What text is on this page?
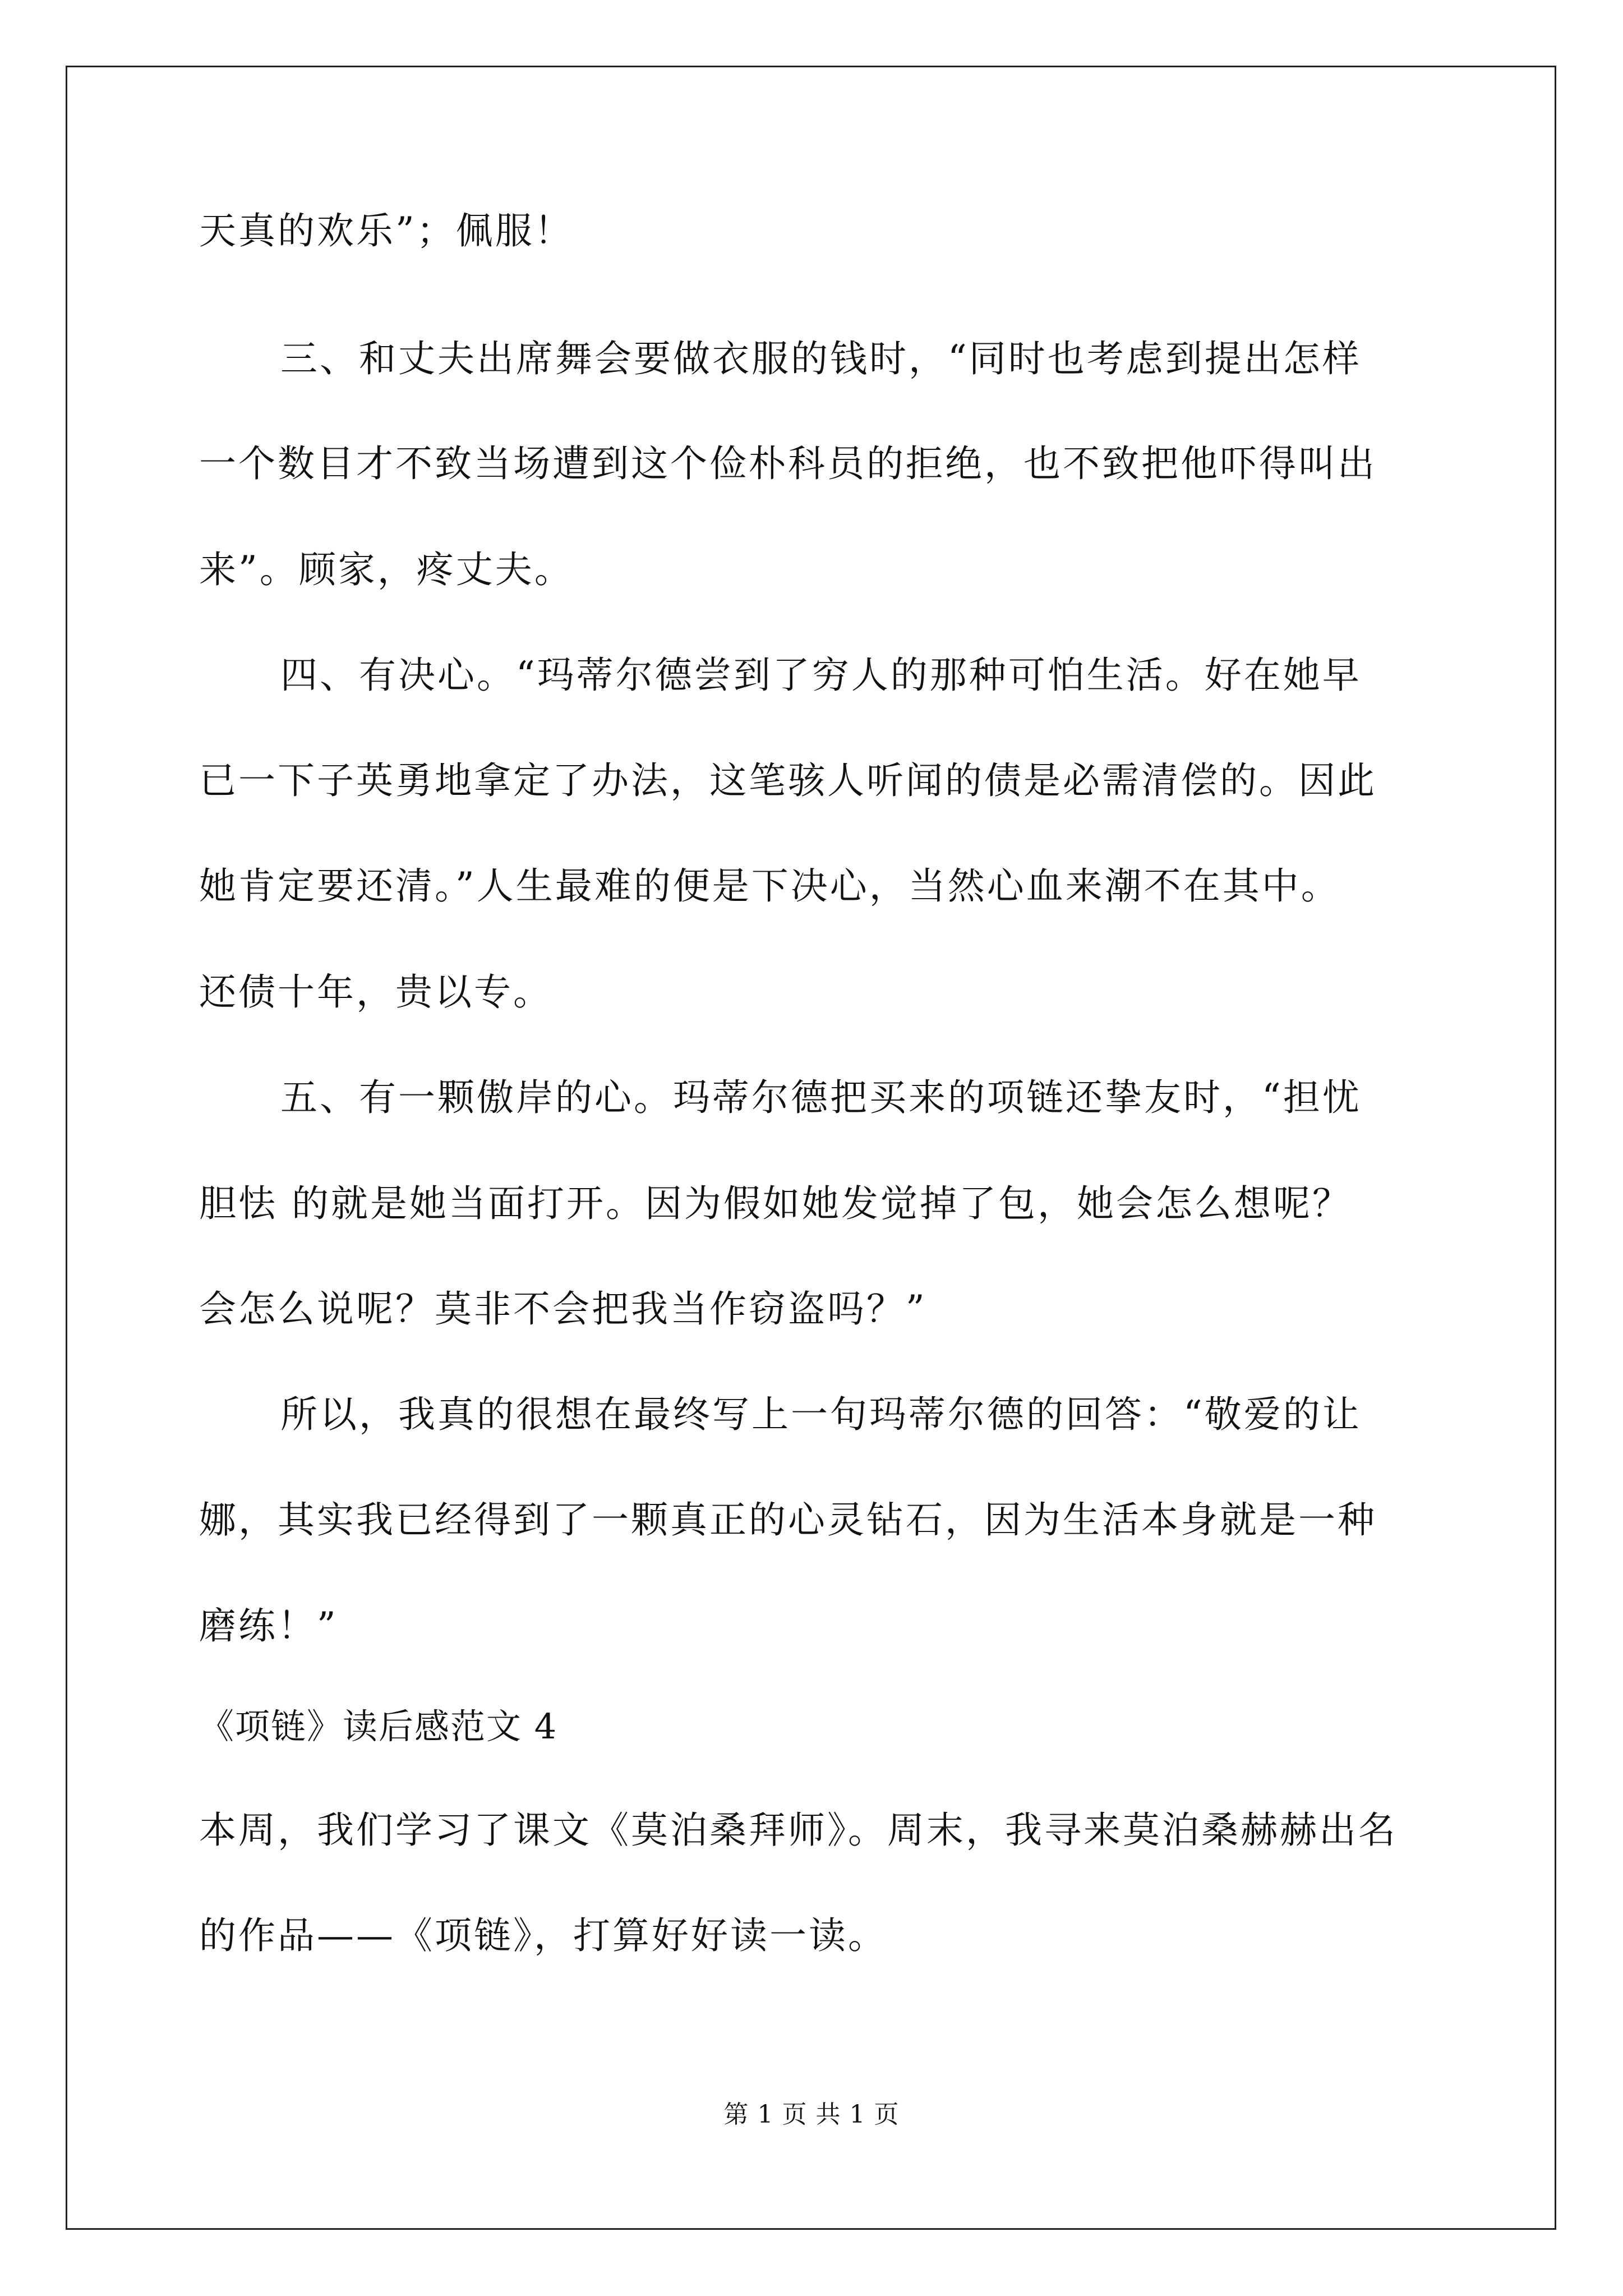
天真的欢乐”；佩服！
三、和丈夫出席舞会要做衣服的钱时，“同时也考虑到提出怎样
一个数目才不致当场遭到这个俭朴科员的拒绝，也不致把他吓得叫出
来”。顾家，疼丈夫。
四、有决心。“玛蒂尔德尝到了穷人的那种可怕生活。好在她早
已一下子英勇地拿定了办法，这笔骇人听闻的债是必需清偿的。因此
她肯定要还清。”人生最难的便是下决心，当然心血来潮不在其中。
还债十年，贵以专。
五、有一颗傲岸的心。玛蒂尔德把买来的项链还挚友时，“担忧
胆怯 的就是她当面打开。因为假如她发觉掉了包，她会怎么想呢？
会怎么说呢？莫非不会把我当作窃盗吗？”
所以，我真的很想在最终写上一句玛蒂尔德的回答：“敬爱的让
娜，其实我已经得到了一颗真正的心灵钻石，因为生活本身就是一种
磨练！”
《项链》读后感范文 4
本周，我们学习了课文《莫泊桑拜师》。周末，我寻来莫泊桑赫赫出名
的作品——《项链》，打算好好读一读。
第 1 页 共 1 页
